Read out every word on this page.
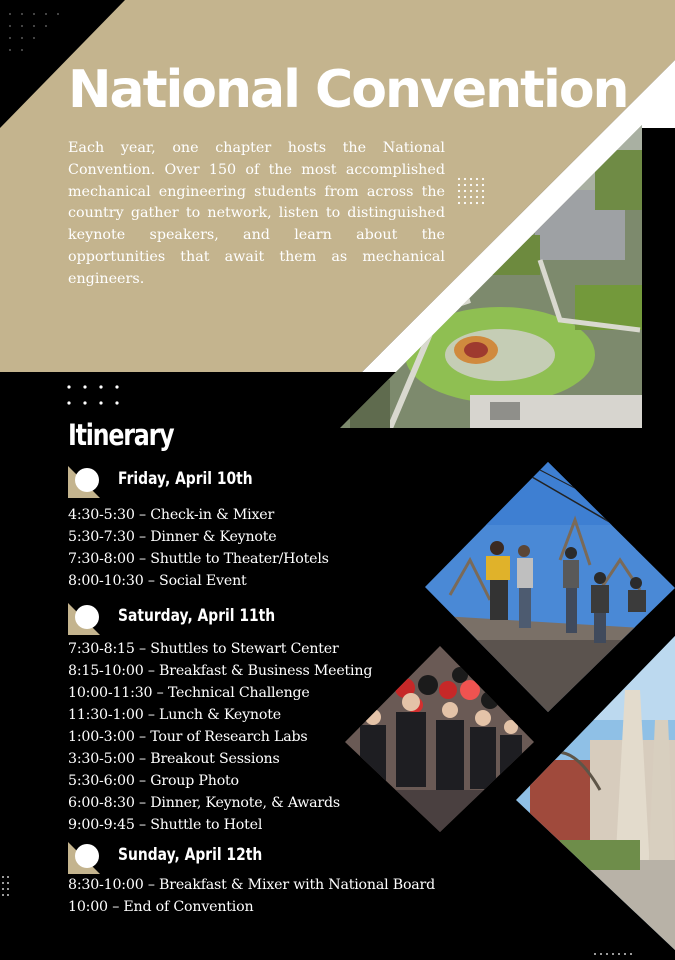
National Convention

Each year, one chapter hosts the National Convention. Over 150 of the most accomplished mechanical engineering students from across the country gather to network, listen to distinguished keynote speakers, and learn about the opportunities that await them as mechanical engineers.

Itinerary
Friday, April 10th
4:30-5:30 – Check-in & Mixer
5:30-7:30 – Dinner & Keynote
7:30-8:00 – Shuttle to Theater/Hotels
8:00-10:30 – Social Event
Saturday, April 11th
7:30-8:15 – Shuttles to Stewart Center
8:15-10:00 – Breakfast & Business Meeting
10:00-11:30 – Technical Challenge
11:30-1:00 – Lunch & Keynote
1:00-3:00 – Tour of Research Labs
3:30-5:00 – Breakout Sessions
5:30-6:00 – Group Photo
6:00-8:30 – Dinner, Keynote, & Awards
9:00-9:45 – Shuttle to Hotel
Sunday, April 12th
8:30-10:00 – Breakfast & Mixer with National Board
10:00 – End of Convention
